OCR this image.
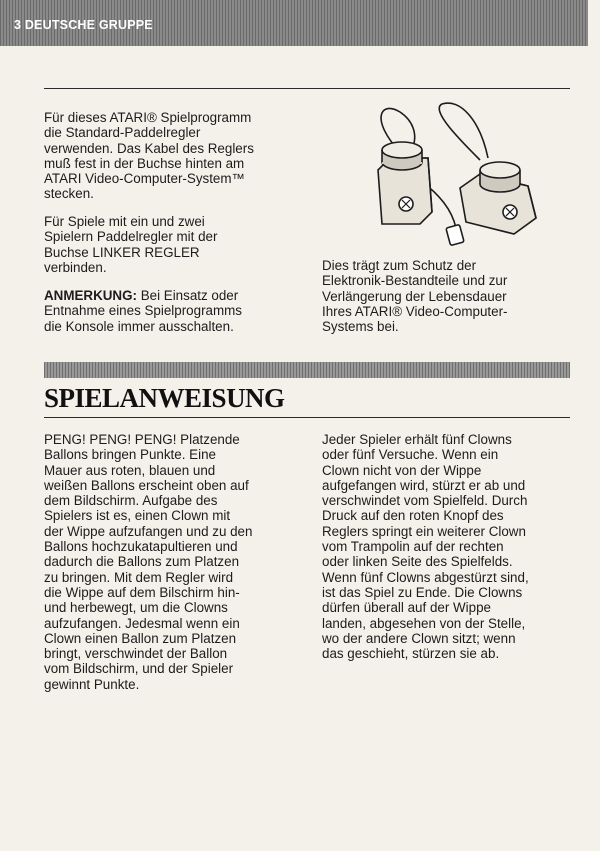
3 DEUTSCHE GRUPPE

Für dieses ATARI® Spielprogramm
die Standard-Paddelregler
verwenden. Das Kabel des Reglers
muß fest in der Buchse hinten am
ATARI Video-Computer-System™
stecken.

Für Spiele mit ein und zwei
Spielern Paddelregler mit der
Buchse LINKER REGLER
verbinden.

ANMERKUNG: Bei Einsatz oder
Entnahme eines Spielprogramms
die Konsole immer ausschalten.

Dies trägt zum Schutz der
Elektronik-Bestandteile und zur
Verlängerung der Lebensdauer
Ihres ATARI® Video-Computer-
Systems bei.

SPIELANWEISUNG

PENG! PENG! PENG! Platzende
Ballons bringen Punkte. Eine
Mauer aus roten, blauen und
weißen Ballons erscheint oben auf
dem Bildschirm. Aufgabe des
Spielers ist es, einen Clown mit
der Wippe aufzufangen und zu den
Ballons hochzukatapultieren und
dadurch die Ballons zum Platzen
zu bringen. Mit dem Regler wird
die Wippe auf dem Bilschirm hin-
und herbewegt, um die Clowns
aufzufangen. Jedesmal wenn ein
Clown einen Ballon zum Platzen
bringt, verschwindet der Ballon
vom Bildschirm, und der Spieler
gewinnt Punkte.

Jeder Spieler erhält fünf Clowns
oder fünf Versuche. Wenn ein
Clown nicht von der Wippe
aufgefangen wird, stürzt er ab und
verschwindet vom Spielfeld. Durch
Druck auf den roten Knopf des
Reglers springt ein weiterer Clown
vom Trampolin auf der rechten
oder linken Seite des Spielfelds.
Wenn fünf Clowns abgestürzt sind,
ist das Spiel zu Ende. Die Clowns
dürfen überall auf der Wippe
landen, abgesehen von der Stelle,
wo der andere Clown sitzt; wenn
das geschieht, stürzen sie ab.
